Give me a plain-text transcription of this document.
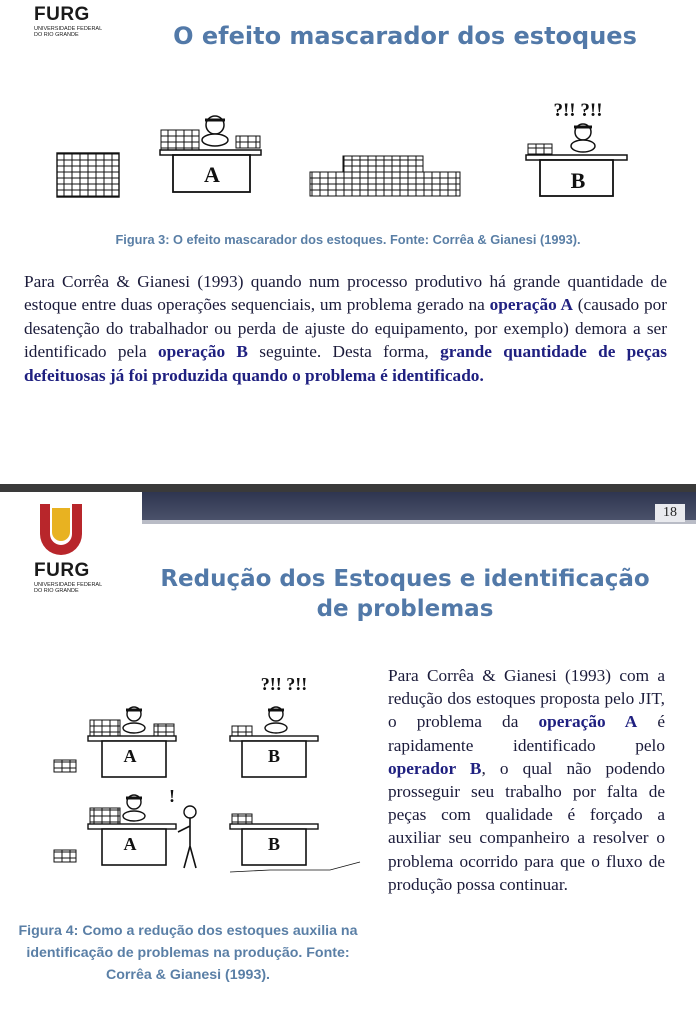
FURG
UNIVERSIDADE FEDERAL
DO RIO GRANDE	O efeito mascarador dos estoques
A
?!! ?!!
B
Figura 3: O efeito mascarador dos estoques. Fonte: Corrêa & Gianesi (1993).
Para Corrêa & Gianesi (1993) quando num processo produtivo há grande quantidade de estoque entre duas operações sequenciais, um problema gerado na operação A (causado por desatenção do trabalhador ou perda de ajuste do equipamento, por exemplo) demora a ser identificado pela operação B seguinte. Desta forma, grande quantidade de peças defeituosas já foi produzida quando o problema é identificado.
18
FURG
UNIVERSIDADE FEDERAL
DO RIO GRANDE	Redução dos Estoques e identificação de problemas
?!! ?!!
A	B
!
A	B
Figura 4: Como a redução dos estoques auxilia na identificação de problemas na produção. Fonte: Corrêa & Gianesi (1993).
Para Corrêa & Gianesi (1993) com a redução dos estoques proposta pelo JIT, o problema da operação A é rapidamente identificado pelo operador B, o qual não podendo prosseguir seu trabalho por falta de peças com qualidade é forçado a auxiliar seu companheiro a resolver o problema ocorrido para que o fluxo de produção possa continuar.
